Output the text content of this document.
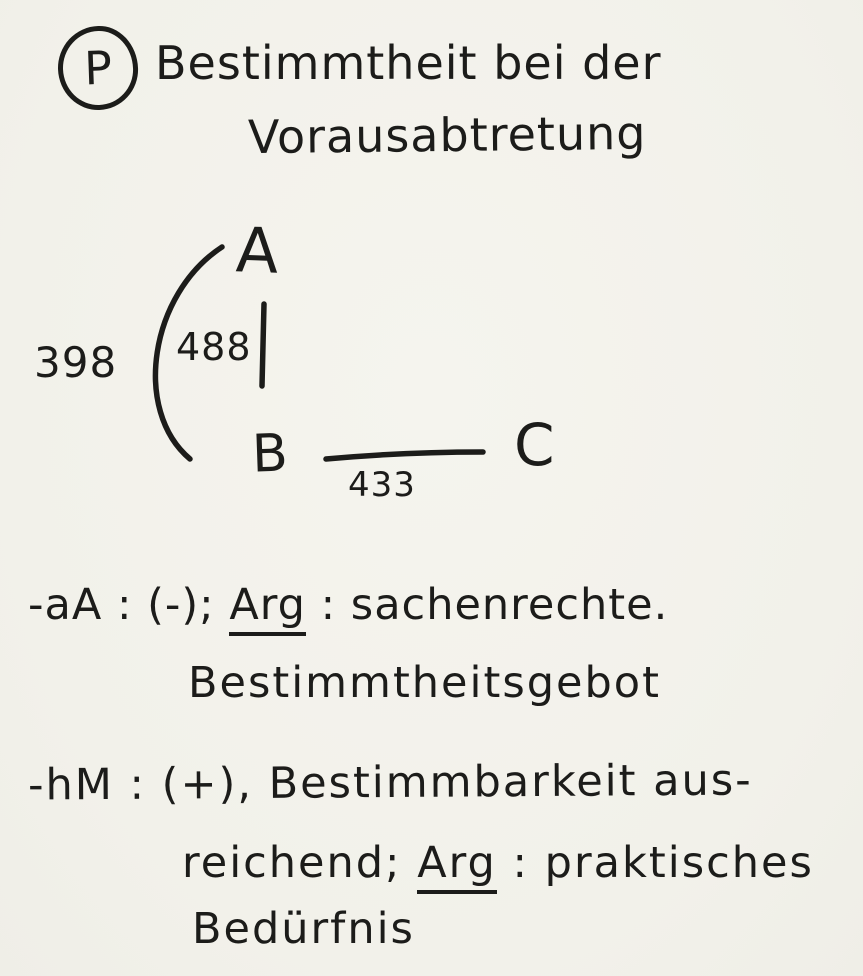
P Bestimmtheit bei der
Vorausabtretung
A
B	C
398 488
433
-aA : (-); Arg : sachenrechte.
Bestimmtheitsgebot
-hM : (+), Bestimmbarkeit aus-
reichend; Arg : praktisches
Bedürfnis
